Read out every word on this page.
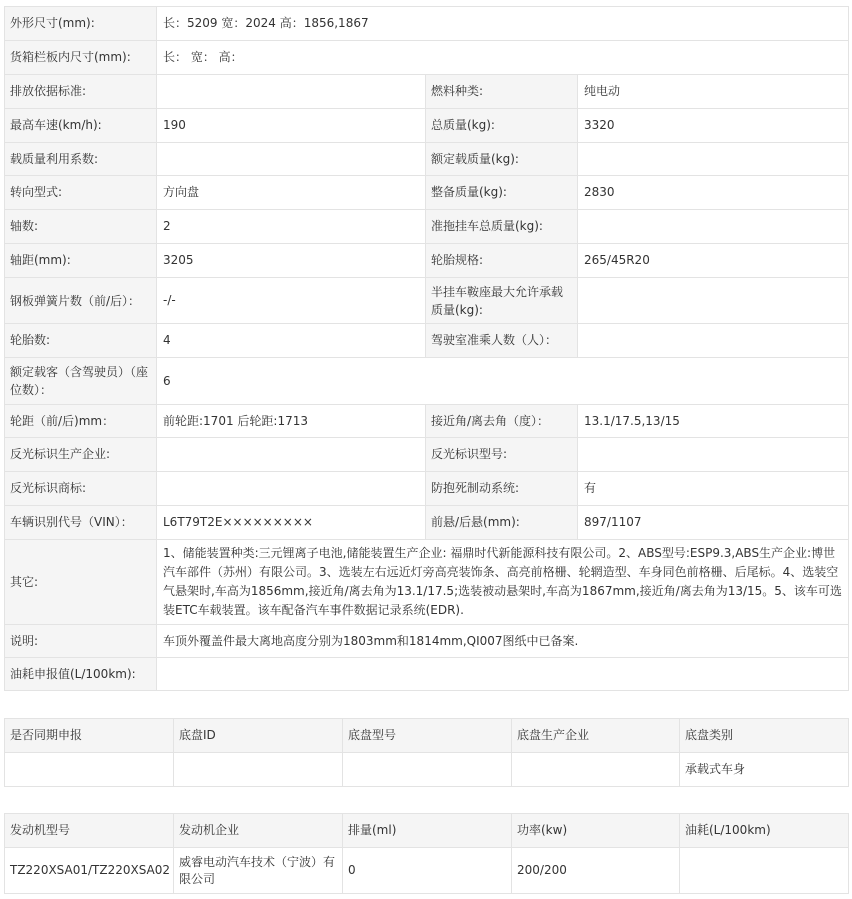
外形尺寸(mm):	长：5209 宽：2024 高：1856,1867		
货箱栏板内尺寸(mm):	长： 宽： 高：		
排放依据标准:		燃料种类:	纯电动
最高车速(km/h):	190	总质量(kg):	3320
载质量利用系数:		额定载质量(kg):	
转向型式:	方向盘	整备质量(kg):	2830
轴数:	2	准拖挂车总质量(kg):	
轴距(mm):	3205	轮胎规格:	265/45R20
钢板弹簧片数（前/后）：	-/-	半挂车鞍座最大允许承载质量(kg):	
轮胎数:	4	驾驶室准乘人数（人）：	
额定载客（含驾驶员）（座位数）：	6		
轮距（前/后)mm：	前轮距:1701 后轮距:1713	接近角/离去角（度）：	13.1/17.5,13/15
反光标识生产企业:		反光标识型号:	
反光标识商标:		防抱死制动系统:	有
车辆识别代号（VIN）：	L6T79T2E×××××××××	前悬/后悬(mm):	897/1107
其它:	1、储能装置种类:三元锂离子电池,储能装置生产企业: 福鼎时代新能源科技有限公司。2、ABS型号:ESP9.3,ABS生产企业:博世汽车部件（苏州）有限公司。3、选装左右远近灯旁高亮装饰条、高亮前格栅、轮辋造型、车身同色前格栅、后尾标。4、选装空气悬架时,车高为1856mm,接近角/离去角为13.1/17.5;选装被动悬架时,车高为1867mm,接近角/离去角为13/15。5、该车可选装ETC车载装置。该车配备汽车事件数据记录系统(EDR).		
说明:	车顶外覆盖件最大离地高度分别为1803mm和1814mm,QI007图纸中已备案.		
油耗申报值(L/100km):			
是否同期申报	底盘ID	底盘型号	底盘生产企业	底盘类别
				承载式车身
发动机型号	发动机企业	排量(ml)	功率(kw)	油耗(L/100km)
TZ220XSA01/TZ220XSA02	威睿电动汽车技术（宁波）有限公司	0	200/200	
